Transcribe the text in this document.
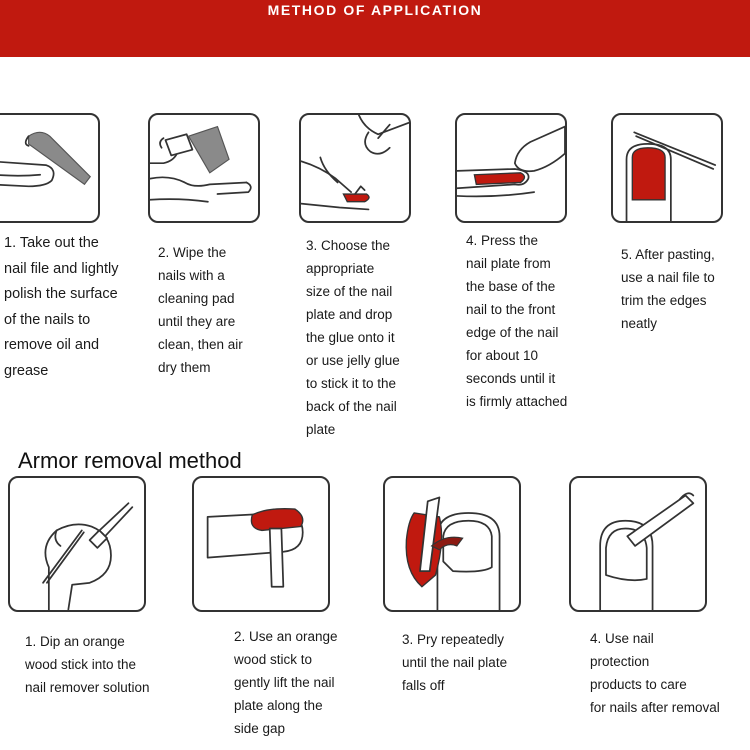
METHOD OF APPLICATION
1. Take out the
nail file and lightly
polish the surface
of the nails to
remove oil and
grease
2. Wipe the
nails with a
cleaning pad
until they are
clean, then air
dry them
3. Choose the
appropriate
size of the nail
plate and drop
the glue onto it
or use jelly glue
to stick it to the
back of the nail
plate
4. Press the
nail plate from
the base of the
nail to the front
edge of the nail
for about 10
seconds until it
is firmly attached
5. After pasting,
use a nail file to
trim the edges
neatly
Armor removal method
1. Dip an orange
wood stick into the
nail remover solution
2. Use an orange
wood stick to
gently lift the nail
plate along the
side gap
3. Pry repeatedly
until the nail plate
falls off
4. Use nail
protection
products to care
for nails after removal
